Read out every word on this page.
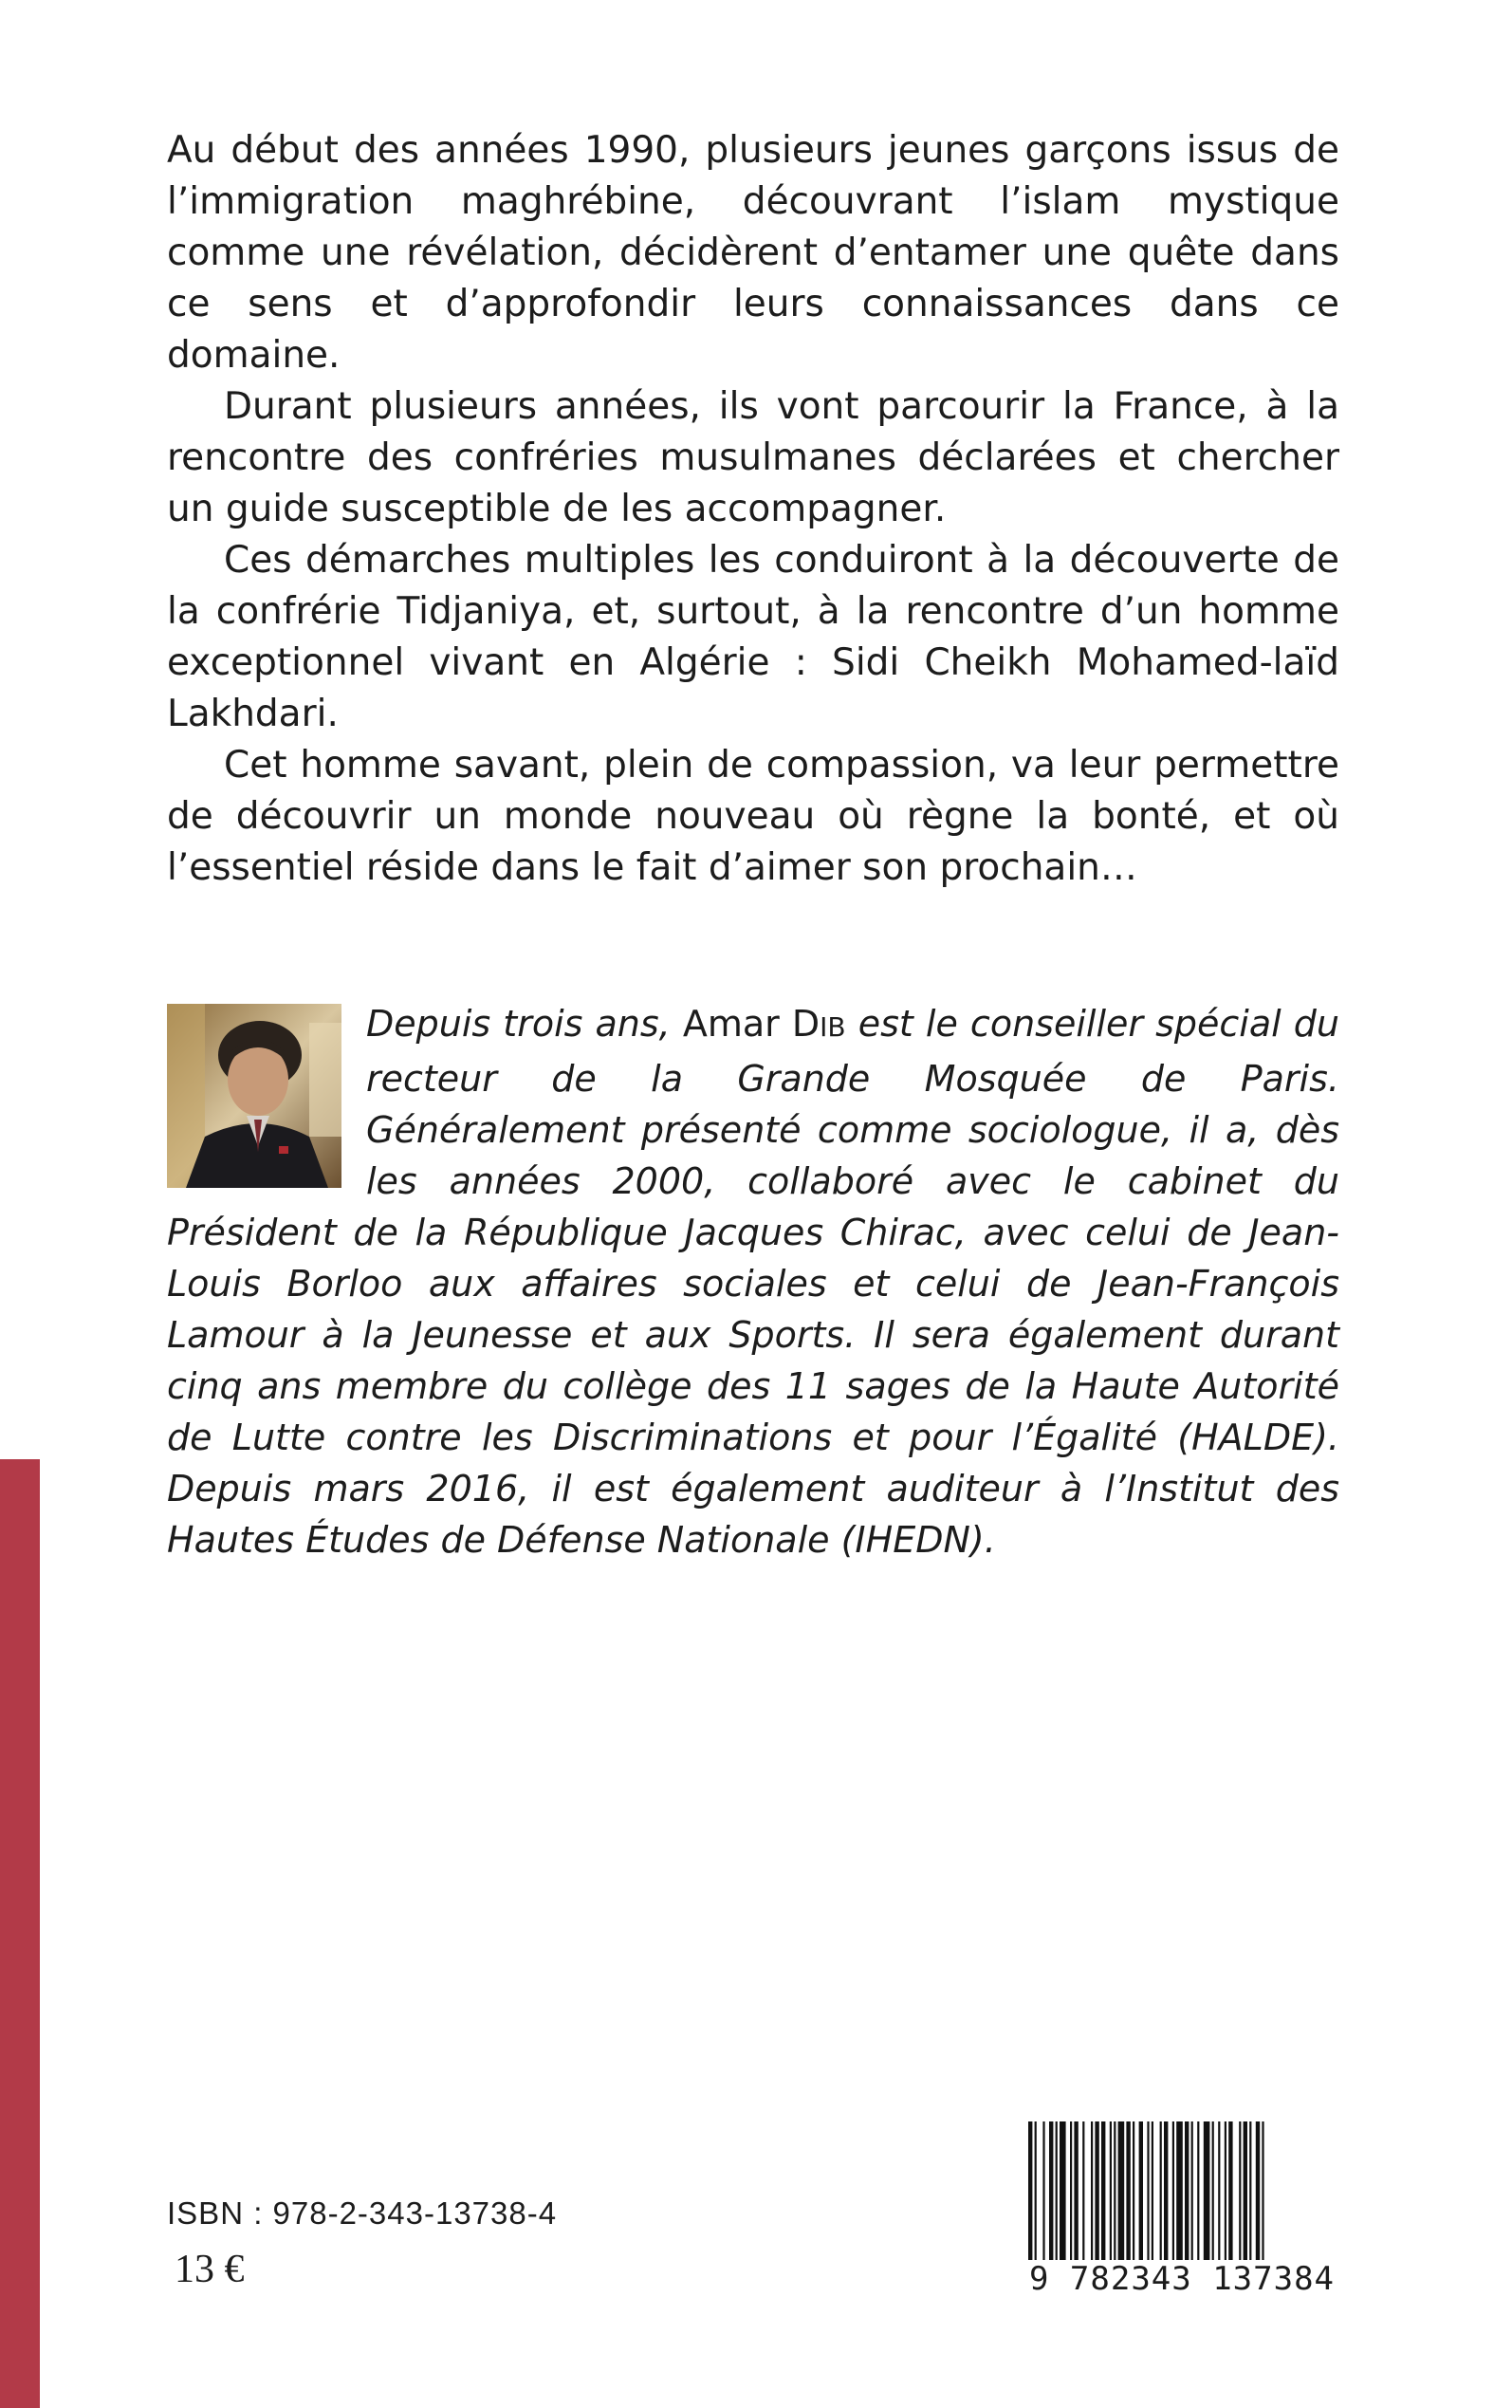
Au début des années 1990, plusieurs jeunes garçons issus de l’immigration maghrébine, découvrant l’islam mystique comme une révélation, décidèrent d’entamer une quête dans ce sens et d’approfondir leurs connaissances dans ce domaine.

Durant plusieurs années, ils vont parcourir la France, à la rencontre des confréries musulmanes déclarées et chercher un guide susceptible de les accompagner.

Ces démarches multiples les conduiront à la découverte de la confrérie Tidjaniya, et, surtout, à la rencontre d’un homme exceptionnel vivant en Algérie : Sidi Cheikh Mohamed-laïd Lakhdari.

Cet homme savant, plein de compassion, va leur permettre de découvrir un monde nouveau où règne la bonté, et où l’essentiel réside dans le fait d’aimer son prochain…

Depuis trois ans, Amar DIB est le conseiller spécial du recteur de la Grande Mosquée de Paris. Généralement présenté comme sociologue, il a, dès les années 2000, collaboré avec le cabinet du Président de la République Jacques Chirac, avec celui de Jean-Louis Borloo aux affaires sociales et celui de Jean-François Lamour à la Jeunesse et aux Sports. Il sera également durant cinq ans membre du collège des 11 sages de la Haute Autorité de Lutte contre les Discriminations et pour l’Égalité (HALDE). Depuis mars 2016, il est également auditeur à l’Institut des Hautes Études de Défense Nationale (IHEDN).
ISBN : 978-2-343-13738-4
13 €	9 782343 137384
